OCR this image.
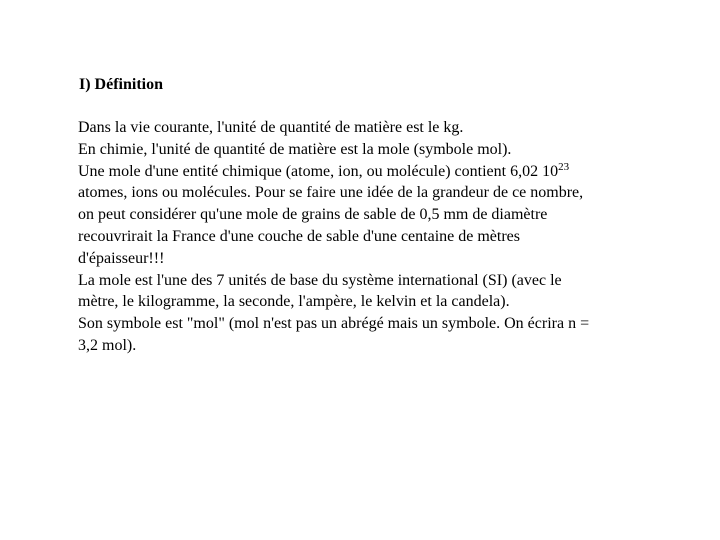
I) Définition
Dans la vie courante, l'unité de quantité de matière est le kg.
En chimie, l'unité de quantité de matière est la mole (symbole mol).
Une mole d'une entité chimique (atome, ion, ou molécule) contient 6,02 $10^{23}$
atomes, ions ou molécules. Pour se faire une idée de la grandeur de ce nombre,
on peut considérer qu'une mole de grains de sable de 0,5 mm de diamètre
recouvrirait la France d'une couche de sable d'une centaine de mètres
d'épaisseur!!!
La mole est l'une des 7 unités de base du système international (SI) (avec le
mètre, le kilogramme, la seconde, l'ampère, le kelvin et la candela).
Son symbole est "mol" (mol n'est pas un abrégé mais un symbole. On écrira n =
3,2 mol).
